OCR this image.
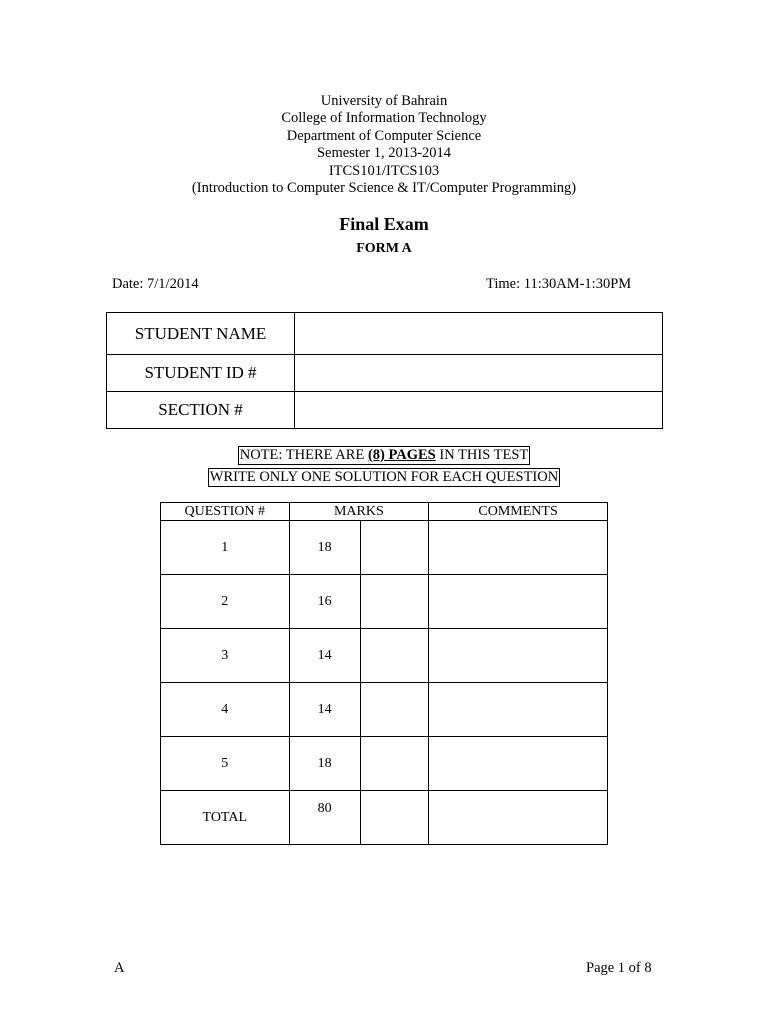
University of Bahrain
College of Information Technology
Department of Computer Science
Semester 1, 2013-2014
ITCS101/ITCS103
(Introduction to Computer Science & IT/Computer Programming)
Final Exam
FORM A
Date: 7/1/2014	Time: 11:30AM-1:30PM
STUDENT NAME	
STUDENT ID #	
SECTION #	
NOTE: THERE ARE (8) PAGES IN THIS TEST
WRITE ONLY ONE SOLUTION FOR EACH QUESTION
QUESTION #	MARKS		COMMENTS
1	18		
2	16		
3	14		
4	14		
5	18		
TOTAL	80		
A	Page 1 of 8
